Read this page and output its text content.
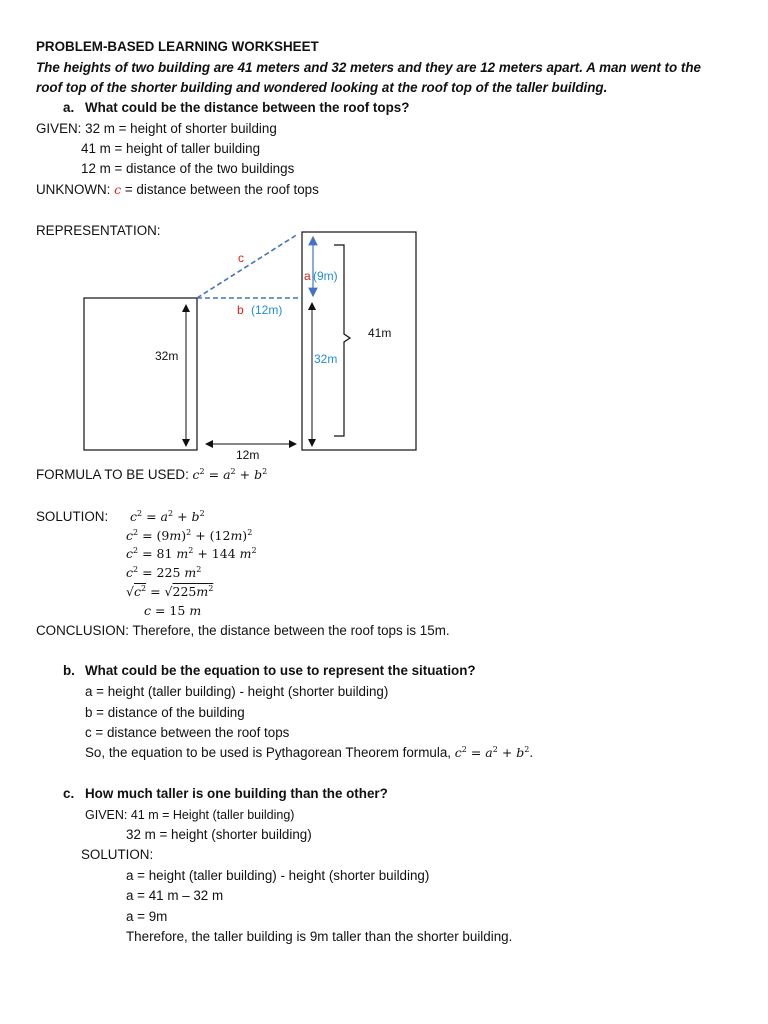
PROBLEM-BASED LEARNING WORKSHEET
The heights of two building are 41 meters and 32 meters and they are 12 meters apart. A man went to the
roof top of the shorter building and wondered looking at the roof top of the taller building.
a. What could be the distance between the roof tops?
GIVEN: 32 m = height of shorter building
41 m = height of taller building
12 m = distance of the two buildings
UNKNOWN: c = distance between the roof tops
REPRESENTATION:
c
a (9m)
b (12m)
41m
32m	32m
12m
FORMULA TO BE USED: $c^2 = a^2 + b^2$
SOLUTION: $c^2 = a^2 + b^2$
$c^2 = (9m)^2 + (12m)^2$
$c^2 = 81$ $m^2 + 144$ $m^2$
$c^2 = 225$ $m^2$
$√c^2 = √225m^2$
c = 15 m
CONCLUSION: Therefore, the distance between the roof tops is 15m.
b. What could be the equation to use to represent the situation?
a = height (taller building) - height (shorter building)
b = distance of the building
c = distance between the roof tops
So, the equation to be used is Pythagorean Theorem formula, $c^2 = a^2 + b^2$.
c. How much taller is one building than the other?
GIVEN: 41 m = Height (taller building)
32 m = height (shorter building)
SOLUTION:
a = height (taller building) - height (shorter building)
a = 41 m – 32 m
a = 9m
Therefore, the taller building is 9m taller than the shorter building.
